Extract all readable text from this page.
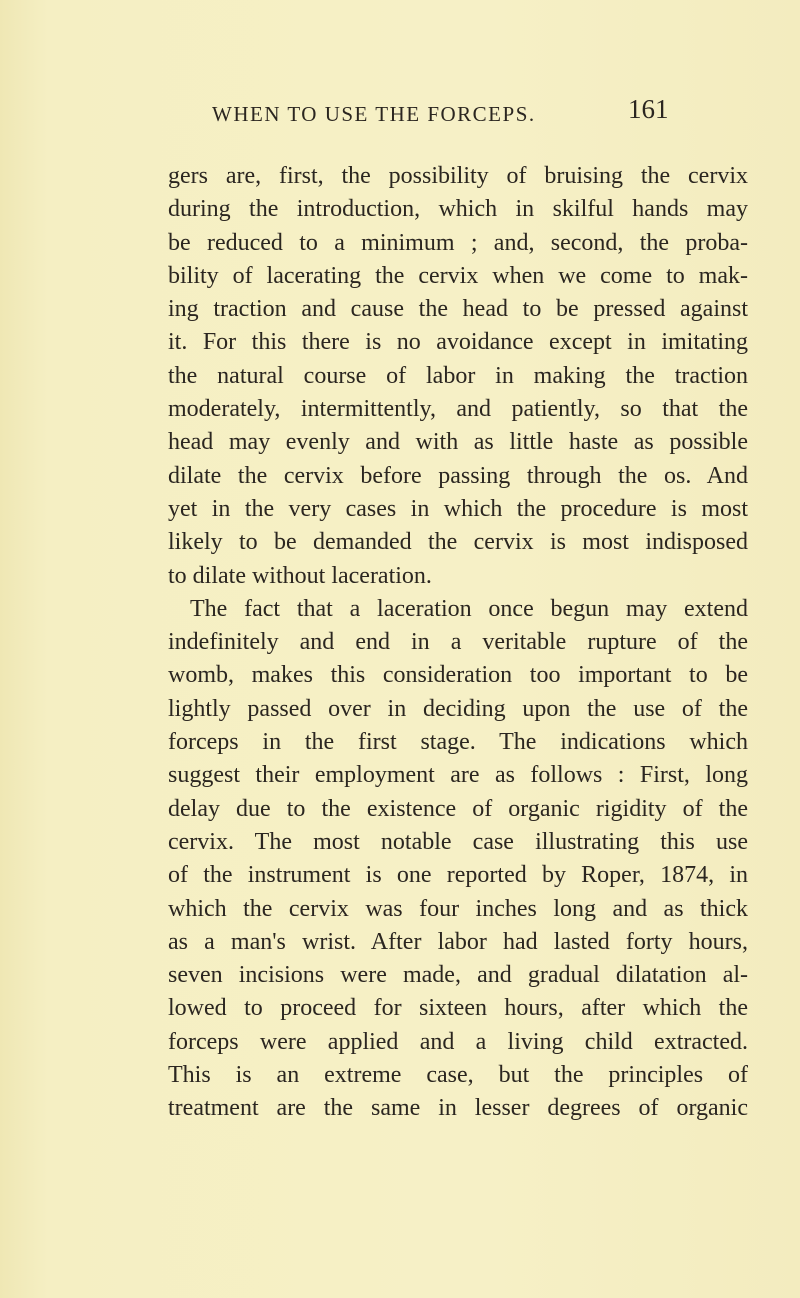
WHEN TO USE THE FORCEPS.	161
gers are, first, the possibility of bruising the cervix
during the introduction, which in skilful hands may
be reduced to a minimum ; and, second, the proba-
bility of lacerating the cervix when we come to mak-
ing traction and cause the head to be pressed against
it. For this there is no avoidance except in imitating
the natural course of labor in making the traction
moderately, intermittently, and patiently, so that the
head may evenly and with as little haste as possible
dilate the cervix before passing through the os. And
yet in the very cases in which the procedure is most
likely to be demanded the cervix is most indisposed
to dilate without laceration.
The fact that a laceration once begun may extend
indefinitely and end in a veritable rupture of the
womb, makes this consideration too important to be
lightly passed over in deciding upon the use of the
forceps in the first stage. The indications which
suggest their employment are as follows : First, long
delay due to the existence of organic rigidity of the
cervix. The most notable case illustrating this use
of the instrument is one reported by Roper, 1874, in
which the cervix was four inches long and as thick
as a man's wrist. After labor had lasted forty hours,
seven incisions were made, and gradual dilatation al-
lowed to proceed for sixteen hours, after which the
forceps were applied and a living child extracted.
This is an extreme case, but the principles of
treatment are the same in lesser degrees of organic
